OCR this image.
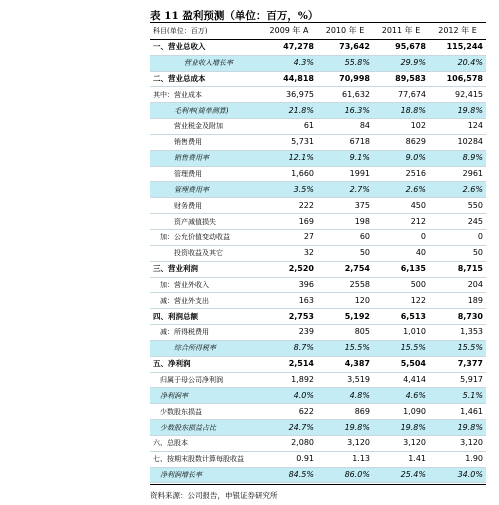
表 11 盈利预测（单位：百万，%）
科目(单位：百万)	2009 年 A	2010 年 E	2011 年 E	2012 年 E
一、营业总收入	47,278	73,642	95,678	115,244
营业收入增长率	4.3%	55.8%	29.9%	20.4%
二、营业总成本	44,818	70,998	89,583	106,578
其中：营业成本	36,975	61,632	77,674	92,415
毛利率(简单测算)	21.8%	16.3%	18.8%	19.8%
营业税金及附加	61	84	102	124
销售费用	5,731	6718	8629	10284
销售费用率	12.1%	9.1%	9.0%	8.9%
管理费用	1,660	1991	2516	2961
管理费用率	3.5%	2.7%	2.6%	2.6%
财务费用	222	375	450	550
资产减值损失	169	198	212	245
加：公允价值变动收益	27	60	0	0
投资收益及其它	32	50	40	50
三、营业利润	2,520	2,754	6,135	8,715
加：营业外收入	396	2558	500	204
减：营业外支出	163	120	122	189
四、利润总额	2,753	5,192	6,513	8,730
减：所得税费用	239	805	1,010	1,353
综合所得税率	8.7%	15.5%	15.5%	15.5%
五、净利润	2,514	4,387	5,504	7,377
归属于母公司净利润	1,892	3,519	4,414	5,917
净利润率	4.0%	4.8%	4.6%	5.1%
少数股东损益	622	869	1,090	1,461
少数股东损益占比	24.7%	19.8%	19.8%	19.8%
六、总股本	2,080	3,120	3,120	3,120
七、按期末股数计算每股收益	0.91	1.13	1.41	1.90
净利润增长率	84.5%	86.0%	25.4%	34.0%
资料来源：公司报告，申银证券研究所
